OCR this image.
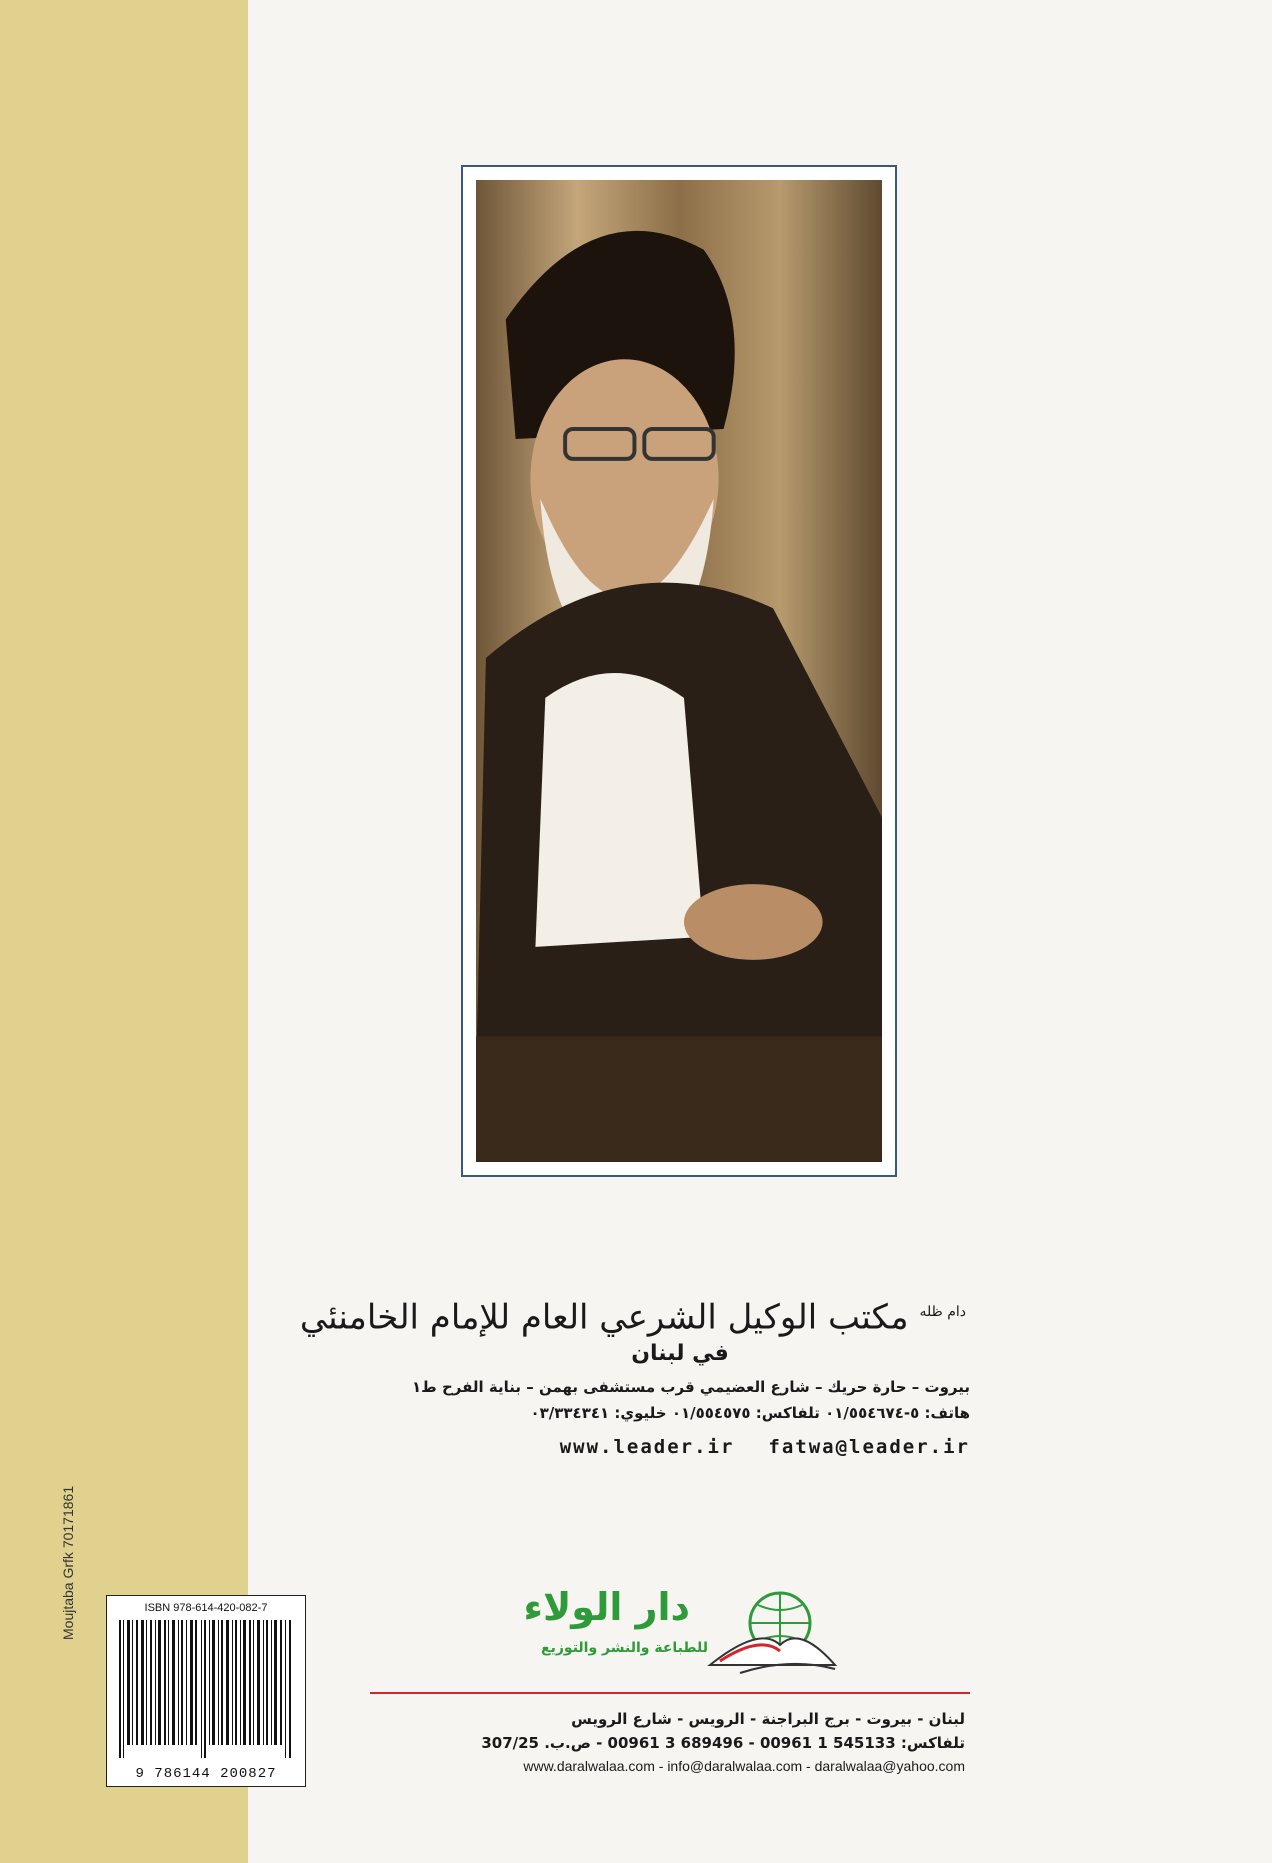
Moujtaba Grfk 70171861
$^{دام ظله}$ مكتب الوكيل الشرعي العام للإمام الخامنئي
في لبنان
بيروت – حارة حريك – شارع العضيمي قرب مستشفى بهمن – بناية الفرح ط١
هاتف: ٥-٠١/٥٥٤٦٧٤ تلفاكس: ٠١/٥٥٤٥٧٥ خليوي: ٠٣/٣٣٤٣٤١
www.leader.ir fatwa@leader.ir
ISBN 978-614-420-082-7
9 786144 200827
دار الولاء
للطباعة والنشر والتوزيع
لبنان - بيروت - برج البراجنة - الرويس - شارع الرويس
تلفاكس: 545133 1 00961 - 689496 3 00961 - ص.ب. 307/25
www.daralwalaa.com - info@daralwalaa.com - daralwalaa@yahoo.com
